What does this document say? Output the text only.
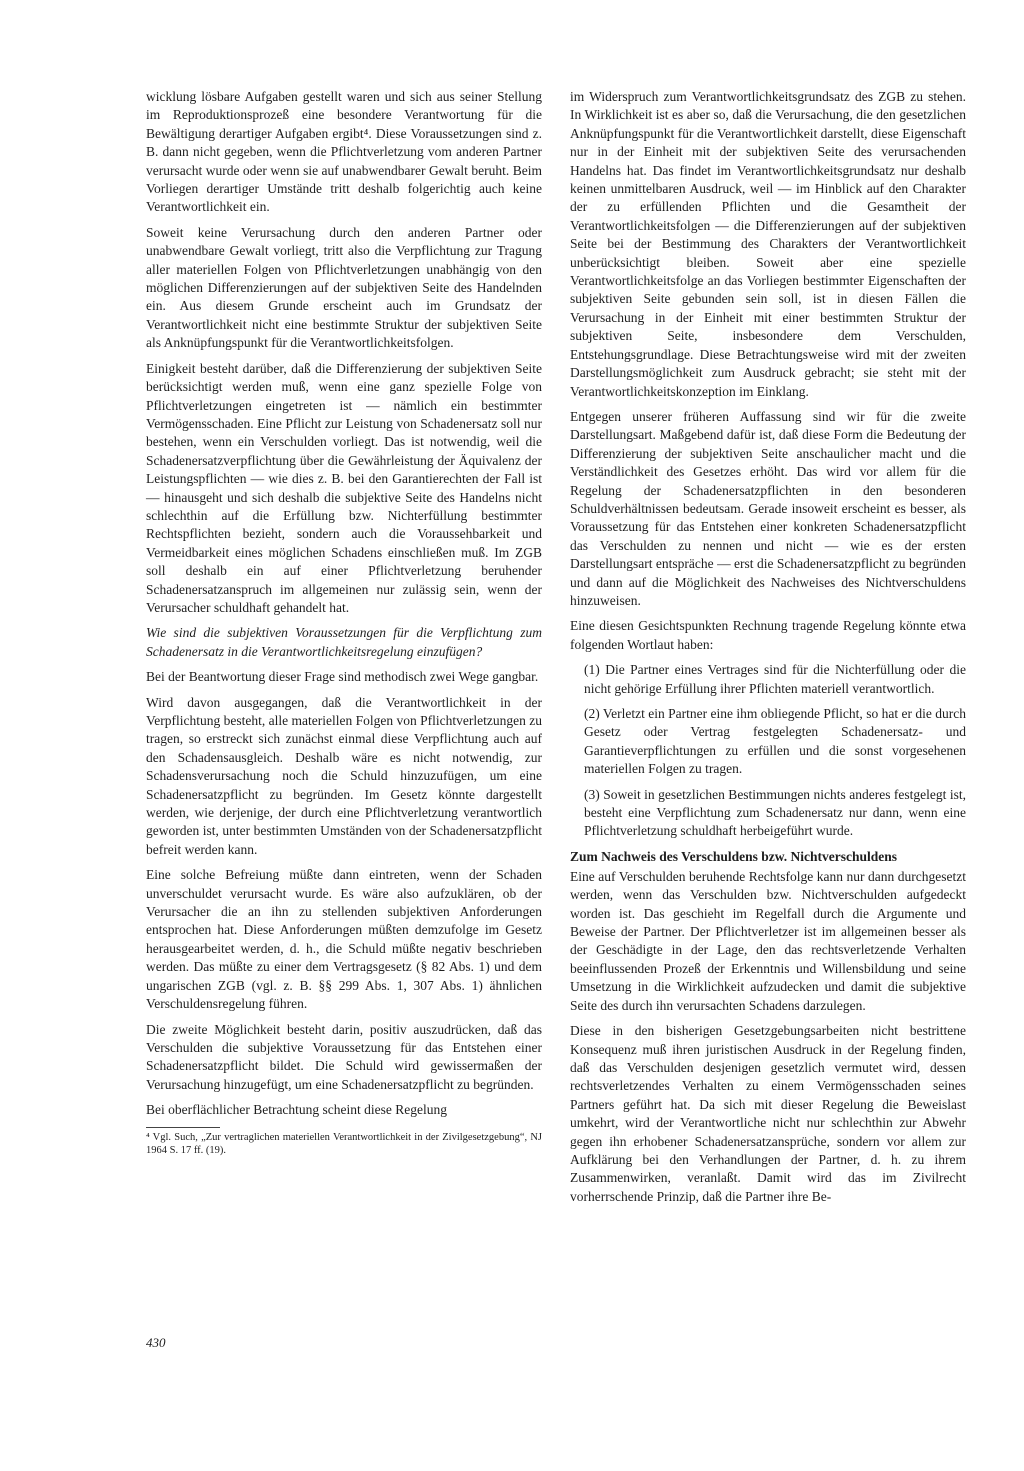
wicklung lösbare Aufgaben gestellt waren und sich aus seiner Stellung im Reproduktionsprozeß eine besondere Verantwortung für die Bewältigung derartiger Aufgaben ergibt⁴. Diese Voraussetzungen sind z. B. dann nicht gegeben, wenn die Pflichtverletzung vom anderen Partner verursacht wurde oder wenn sie auf unabwendbarer Gewalt beruht. Beim Vorliegen derartiger Umstände tritt deshalb folgerichtig auch keine Verantwortlichkeit ein.

Soweit keine Verursachung durch den anderen Partner oder unabwendbare Gewalt vorliegt, tritt also die Verpflichtung zur Tragung aller materiellen Folgen von Pflichtverletzungen unabhängig von den möglichen Differenzierungen auf der subjektiven Seite des Handelnden ein. Aus diesem Grunde erscheint auch im Grundsatz der Verantwortlichkeit nicht eine bestimmte Struktur der subjektiven Seite als Anknüpfungspunkt für die Verantwortlichkeitsfolgen.

Einigkeit besteht darüber, daß die Differenzierung der subjektiven Seite berücksichtigt werden muß, wenn eine ganz spezielle Folge von Pflichtverletzungen eingetreten ist — nämlich ein bestimmter Vermögensschaden. Eine Pflicht zur Leistung von Schadenersatz soll nur bestehen, wenn ein Verschulden vorliegt. Das ist notwendig, weil die Schadenersatzverpflichtung über die Gewährleistung der Äquivalenz der Leistungspflichten — wie dies z. B. bei den Garantierechten der Fall ist — hinausgeht und sich deshalb die subjektive Seite des Handelns nicht schlechthin auf die Erfüllung bzw. Nichterfüllung bestimmter Rechtspflichten bezieht, sondern auch die Voraussehbarkeit und Vermeidbarkeit eines möglichen Schadens einschließen muß. Im ZGB soll deshalb ein auf einer Pflichtverletzung beruhender Schadenersatzanspruch im allgemeinen nur zulässig sein, wenn der Verursacher schuldhaft gehandelt hat.

Wie sind die subjektiven Voraussetzungen für die Verpflichtung zum Schadenersatz in die Verantwortlichkeitsregelung einzufügen?

Bei der Beantwortung dieser Frage sind methodisch zwei Wege gangbar.

Wird davon ausgegangen, daß die Verantwortlichkeit in der Verpflichtung besteht, alle materiellen Folgen von Pflichtverletzungen zu tragen, so erstreckt sich zunächst einmal diese Verpflichtung auch auf den Schadensausgleich. Deshalb wäre es nicht notwendig, zur Schadensverursachung noch die Schuld hinzuzufügen, um eine Schadenersatzpflicht zu begründen. Im Gesetz könnte dargestellt werden, wie derjenige, der durch eine Pflichtverletzung verantwortlich geworden ist, unter bestimmten Umständen von der Schadenersatzpflicht befreit werden kann.

Eine solche Befreiung müßte dann eintreten, wenn der Schaden unverschuldet verursacht wurde. Es wäre also aufzuklären, ob der Verursacher die an ihn zu stellenden subjektiven Anforderungen entsprochen hat. Diese Anforderungen müßten demzufolge im Gesetz herausgearbeitet werden, d. h., die Schuld müßte negativ beschrieben werden. Das müßte zu einer dem Vertragsgesetz (§ 82 Abs. 1) und dem ungarischen ZGB (vgl. z. B. §§ 299 Abs. 1, 307 Abs. 1) ähnlichen Verschuldensregelung führen.

Die zweite Möglichkeit besteht darin, positiv auszudrücken, daß das Verschulden die subjektive Voraussetzung für das Entstehen einer Schadenersatzpflicht bildet. Die Schuld wird gewissermaßen der Verursachung hinzugefügt, um eine Schadenersatzpflicht zu begründen.

Bei oberflächlicher Betrachtung scheint diese Regelung

⁴ Vgl. Such, „Zur vertraglichen materiellen Verantwortlichkeit in der Zivilgesetzgebung“, NJ 1964 S. 17 ff. (19).

im Widerspruch zum Verantwortlichkeitsgrundsatz des ZGB zu stehen. In Wirklichkeit ist es aber so, daß die Verursachung, die den gesetzlichen Anknüpfungspunkt für die Verantwortlichkeit darstellt, diese Eigenschaft nur in der Einheit mit der subjektiven Seite des verursachenden Handelns hat. Das findet im Verantwortlichkeitsgrundsatz nur deshalb keinen unmittelbaren Ausdruck, weil — im Hinblick auf den Charakter der zu erfüllenden Pflichten und die Gesamtheit der Verantwortlichkeitsfolgen — die Differenzierungen auf der subjektiven Seite bei der Bestimmung des Charakters der Verantwortlichkeit unberücksichtigt bleiben. Soweit aber eine spezielle Verantwortlichkeitsfolge an das Vorliegen bestimmter Eigenschaften der subjektiven Seite gebunden sein soll, ist in diesen Fällen die Verursachung in der Einheit mit einer bestimmten Struktur der subjektiven Seite, insbesondere dem Verschulden, Entstehungsgrundlage. Diese Betrachtungsweise wird mit der zweiten Darstellungsmöglichkeit zum Ausdruck gebracht; sie steht mit der Verantwortlichkeitskonzeption im Einklang.

Entgegen unserer früheren Auffassung sind wir für die zweite Darstellungsart. Maßgebend dafür ist, daß diese Form die Bedeutung der Differenzierung der subjektiven Seite anschaulicher macht und die Verständlichkeit des Gesetzes erhöht. Das wird vor allem für die Regelung der Schadenersatzpflichten in den besonderen Schuldverhältnissen bedeutsam. Gerade insoweit erscheint es besser, als Voraussetzung für das Entstehen einer konkreten Schadenersatzpflicht das Verschulden zu nennen und nicht — wie es der ersten Darstellungsart entspräche — erst die Schadenersatzpflicht zu begründen und dann auf die Möglichkeit des Nachweises des Nichtverschuldens hinzuweisen.

Eine diesen Gesichtspunkten Rechnung tragende Regelung könnte etwa folgenden Wortlaut haben:

(1) Die Partner eines Vertrages sind für die Nichterfüllung oder die nicht gehörige Erfüllung ihrer Pflichten materiell verantwortlich.

(2) Verletzt ein Partner eine ihm obliegende Pflicht, so hat er die durch Gesetz oder Vertrag festgelegten Schadenersatz- und Garantieverpflichtungen zu erfüllen und die sonst vorgesehenen materiellen Folgen zu tragen.

(3) Soweit in gesetzlichen Bestimmungen nichts anderes festgelegt ist, besteht eine Verpflichtung zum Schadenersatz nur dann, wenn eine Pflichtverletzung schuldhaft herbeigeführt wurde.

Zum Nachweis des Verschuldens bzw. Nichtverschuldens

Eine auf Verschulden beruhende Rechtsfolge kann nur dann durchgesetzt werden, wenn das Verschulden bzw. Nichtverschulden aufgedeckt worden ist. Das geschieht im Regelfall durch die Argumente und Beweise der Partner. Der Pflichtverletzer ist im allgemeinen besser als der Geschädigte in der Lage, den das rechtsverletzende Verhalten beeinflussenden Prozeß der Erkenntnis und Willensbildung und seine Umsetzung in die Wirklichkeit aufzudecken und damit die subjektive Seite des durch ihn verursachten Schadens darzulegen.

Diese in den bisherigen Gesetzgebungsarbeiten nicht bestrittene Konsequenz muß ihren juristischen Ausdruck in der Regelung finden, daß das Verschulden desjenigen gesetzlich vermutet wird, dessen rechtsverletzendes Verhalten zu einem Vermögensschaden seines Partners geführt hat. Da sich mit dieser Regelung die Beweislast umkehrt, wird der Verantwortliche nicht nur schlechthin zur Abwehr gegen ihn erhobener Schadenersatzansprüche, sondern vor allem zur Aufklärung bei den Verhandlungen der Partner, d. h. zu ihrem Zusammenwirken, veranlaßt. Damit wird das im Zivilrecht vorherrschende Prinzip, daß die Partner ihre Be-

430
